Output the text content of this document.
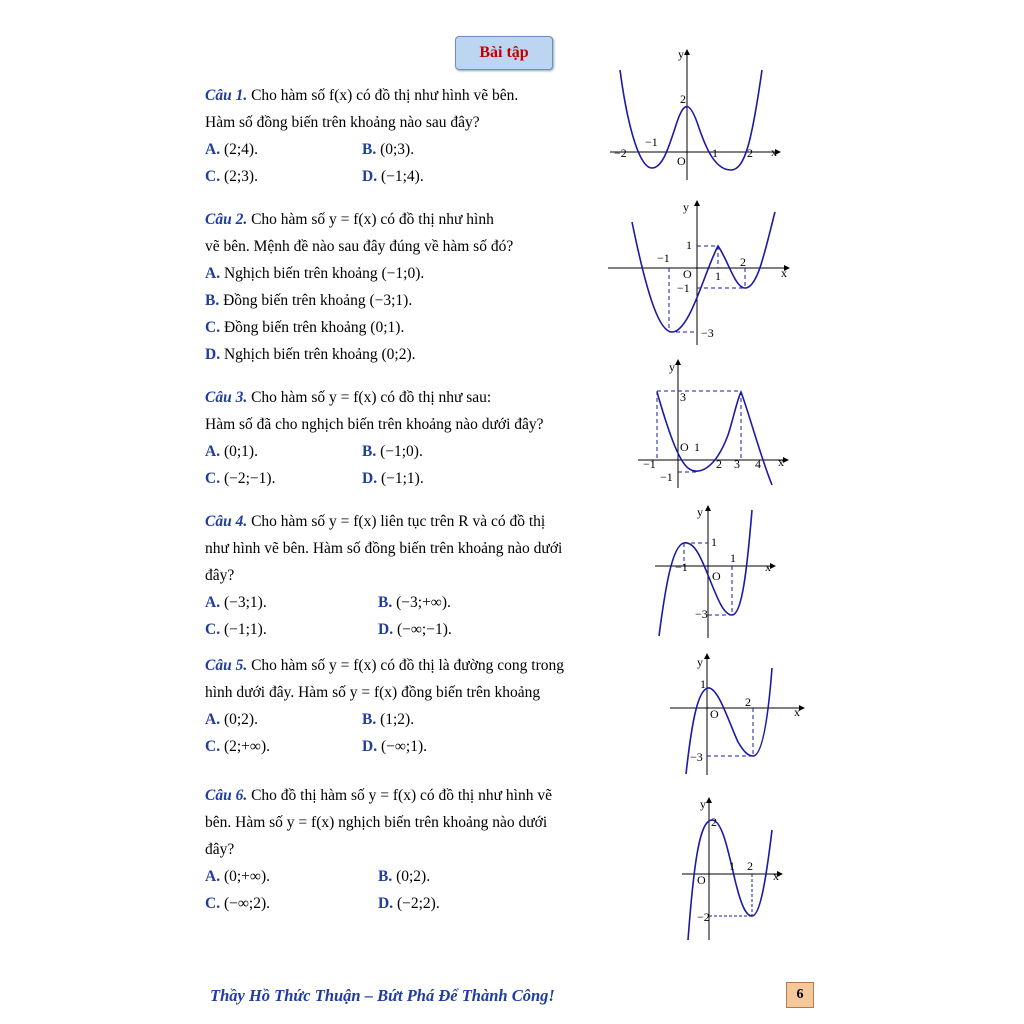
Bài tập
Câu 1. Cho hàm số f(x) có đồ thị như hình vẽ bên.
Hàm số đồng biến trên khoảng nào sau đây?
A. (2;4).	B. (0;3).
C. (2;3).	D. (−1;4).
Câu 2. Cho hàm số y = f(x) có đồ thị như hình
vẽ bên. Mệnh đề nào sau đây đúng về hàm số đó?
A. Nghịch biến trên khoảng (−1;0).
B. Đồng biến trên khoảng (−3;1).
C. Đồng biến trên khoảng (0;1).
D. Nghịch biến trên khoảng (0;2).
Câu 3. Cho hàm số y = f(x) có đồ thị như sau:
Hàm số đã cho nghịch biến trên khoảng nào dưới đây?
A. (0;1).	B. (−1;0).
C. (−2;−1).	D. (−1;1).
Câu 4. Cho hàm số y = f(x) liên tục trên R và có đồ thị
như hình vẽ bên. Hàm số đồng biến trên khoảng nào dưới
đây?
A. (−3;1).	B. (−3;+∞).
C. (−1;1).	D. (−∞;−1).
Câu 5. Cho hàm số y = f(x) có đồ thị là đường cong trong
hình dưới đây. Hàm số y = f(x) đồng biến trên khoảng
A. (0;2).	B. (1;2).
C. (2;+∞).	D. (−∞;1).
Câu 6. Cho đồ thị hàm số y = f(x) có đồ thị như hình vẽ
bên. Hàm số y = f(x) nghịch biến trên khoảng nào dưới
đây?
A. (0;+∞).	B. (0;2).
C. (−∞;2).	D. (−2;2).
y
x
O
2
−1
−2	1 2
y
x
O
1
−1
1
2
−1
−3
y
x
O
3
1
−1	2 3 4
−1
y
x
O
1
−1
1
−3
y
x
O
1
2
−3
y
x
O
2
1 2
−2
Thầy Hồ Thức Thuận – Bứt Phá Để Thành Công!	6
